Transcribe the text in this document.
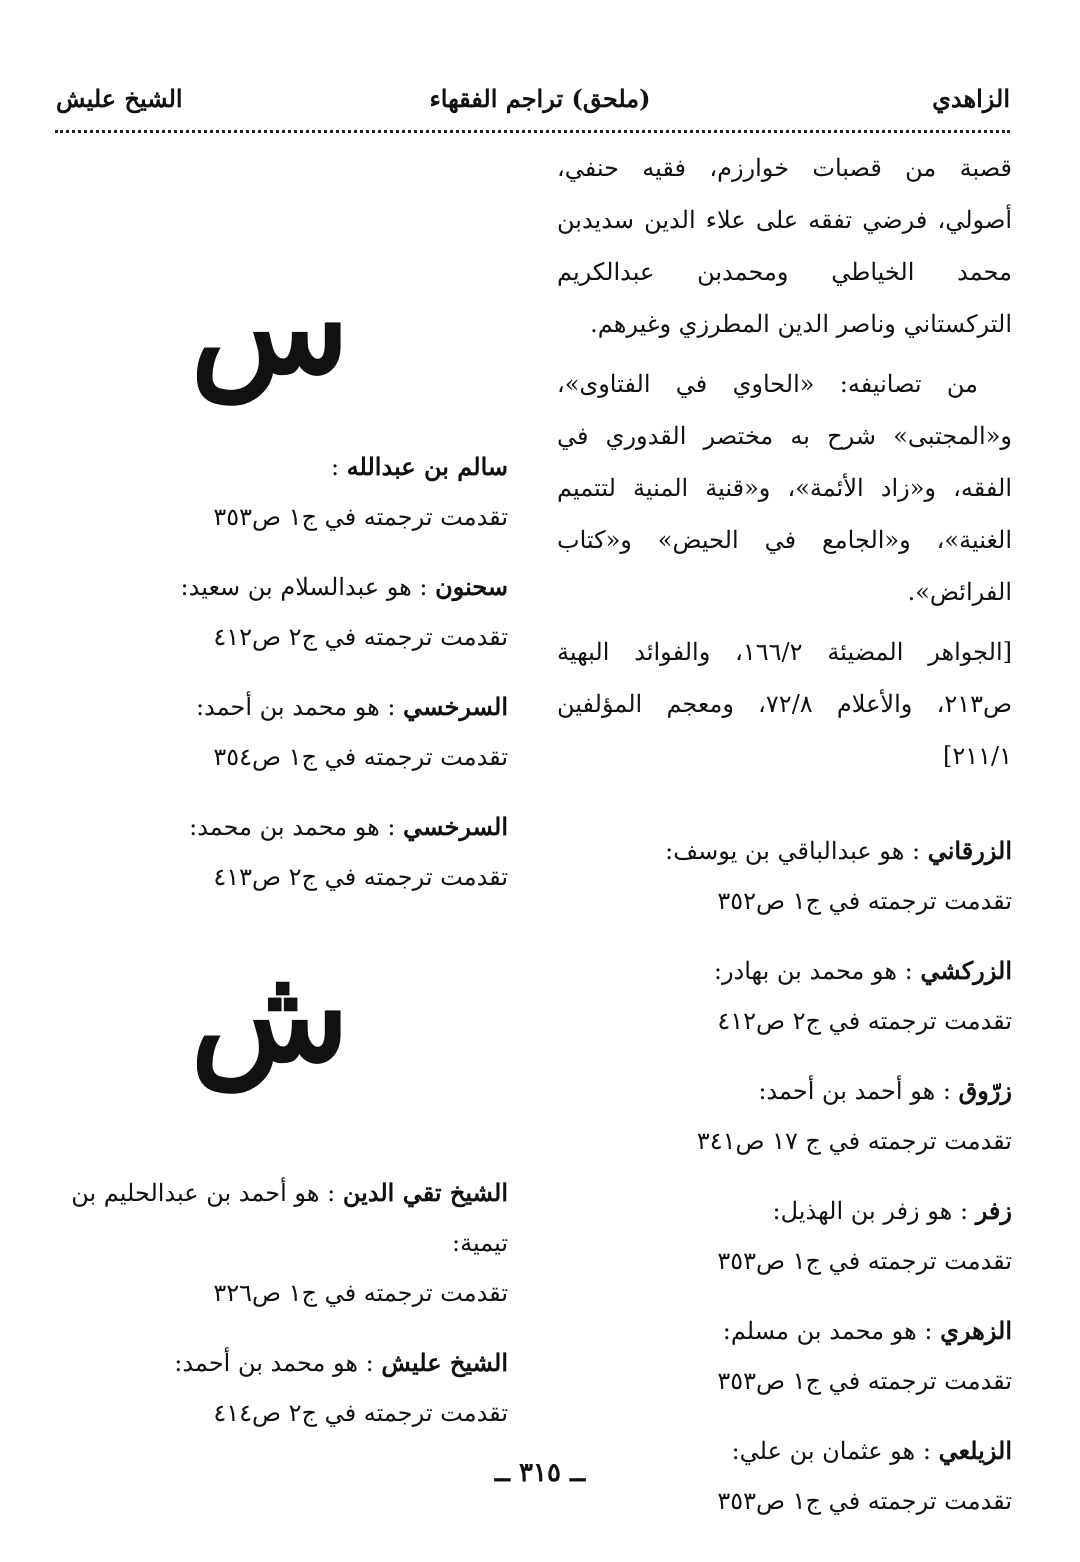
الزاهدي
(ملحق) تراجم الفقهاء
الشيخ عليش

قصبة من قصبات خوارزم، فقيه حنفي، أصولي، فرضي تفقه على علاء الدين سديدبن محمد الخياطي ومحمدبن عبدالكريم التركستاني وناصر الدين المطرزي وغيرهم.

من تصانيفه: «الحاوي في الفتاوى»، و«المجتبى» شرح به مختصر القدوري في الفقه، و«زاد الأئمة»، و«قنية المنية لتتميم الغنية»، و«الجامع في الحيض» و«كتاب الفرائض».

[الجواهر المضيئة ١٦٦/٢، والفوائد البهية ص٢١٣، والأعلام ٧٢/٨، ومعجم المؤلفين ٢١١/١]

الزرقاني : هو عبدالباقي بن يوسف:

تقدمت ترجمته في ج١ ص٣٥٢

الزركشي : هو محمد بن بهادر:

تقدمت ترجمته في ج٢ ص٤١٢

زرّوق : هو أحمد بن أحمد:

تقدمت ترجمته في ج ١٧ ص٣٤١

زفر : هو زفر بن الهذيل:

تقدمت ترجمته في ج١ ص٣٥٣

الزهري : هو محمد بن مسلم:

تقدمت ترجمته في ج١ ص٣٥٣

الزيلعي : هو عثمان بن علي:

تقدمت ترجمته في ج١ ص٣٥٣

س

سالم بن عبدالله :

تقدمت ترجمته في ج١ ص٣٥٣

سحنون : هو عبدالسلام بن سعيد:

تقدمت ترجمته في ج٢ ص٤١٢

السرخسي : هو محمد بن أحمد:

تقدمت ترجمته في ج١ ص٣٥٤

السرخسي : هو محمد بن محمد:

تقدمت ترجمته في ج٢ ص٤١٣

ش

الشيخ تقي الدين : هو أحمد بن عبدالحليم بن تيمية:

تقدمت ترجمته في ج١ ص٣٢٦

الشيخ عليش : هو محمد بن أحمد:

تقدمت ترجمته في ج٢ ص٤١٤

ــ ٣١٥ ــ
